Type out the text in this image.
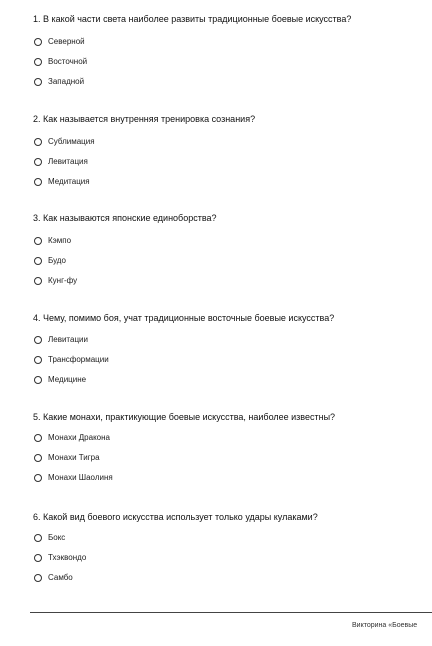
1. В какой части света наиболее развиты традиционные боевые искусства?
Северной
Восточной
Западной
2. Как называется внутренняя тренировка сознания?
Сублимация
Левитация
Медитация
3. Как называются японские единоборства?
Кэмпо
Будо
Кунг-фу
4. Чему, помимо боя, учат традиционные восточные боевые искусства?
Левитации
Трансформации
Медицине
5. Какие монахи, практикующие боевые искусства, наиболее известны?
Монахи Дракона
Монахи Тигра
Монахи Шаолиня
6. Какой вид боевого искусства использует только удары кулаками?
Бокс
Тхэквондо
Самбо
Викторина «Боевые
